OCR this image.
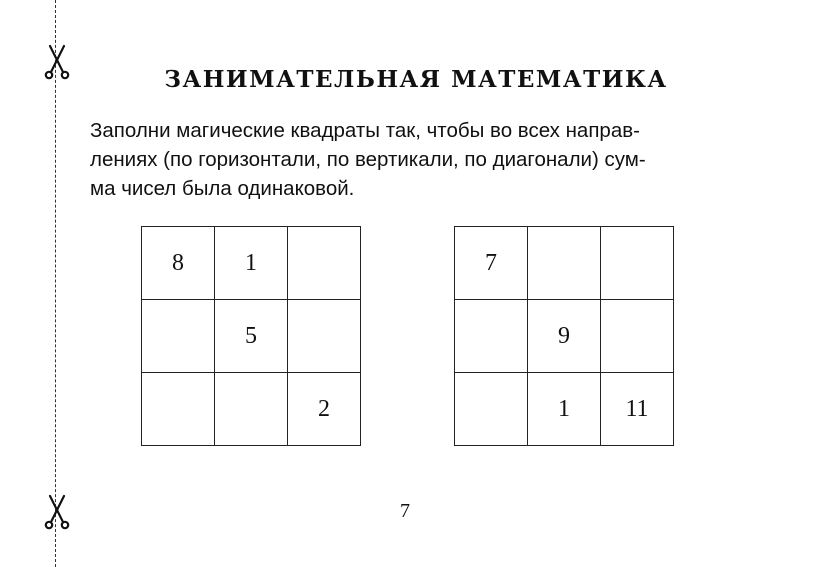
ЗАНИМАТЕЛЬНАЯ МАТЕМАТИКА
Заполни магические квадраты так, чтобы во всех направ-
лениях (по горизонтали, по вертикали, по диагонали) сум-
ма чисел была одинаковой.
8	1	
	5	
		2
7		
	9	
	1	11
7
